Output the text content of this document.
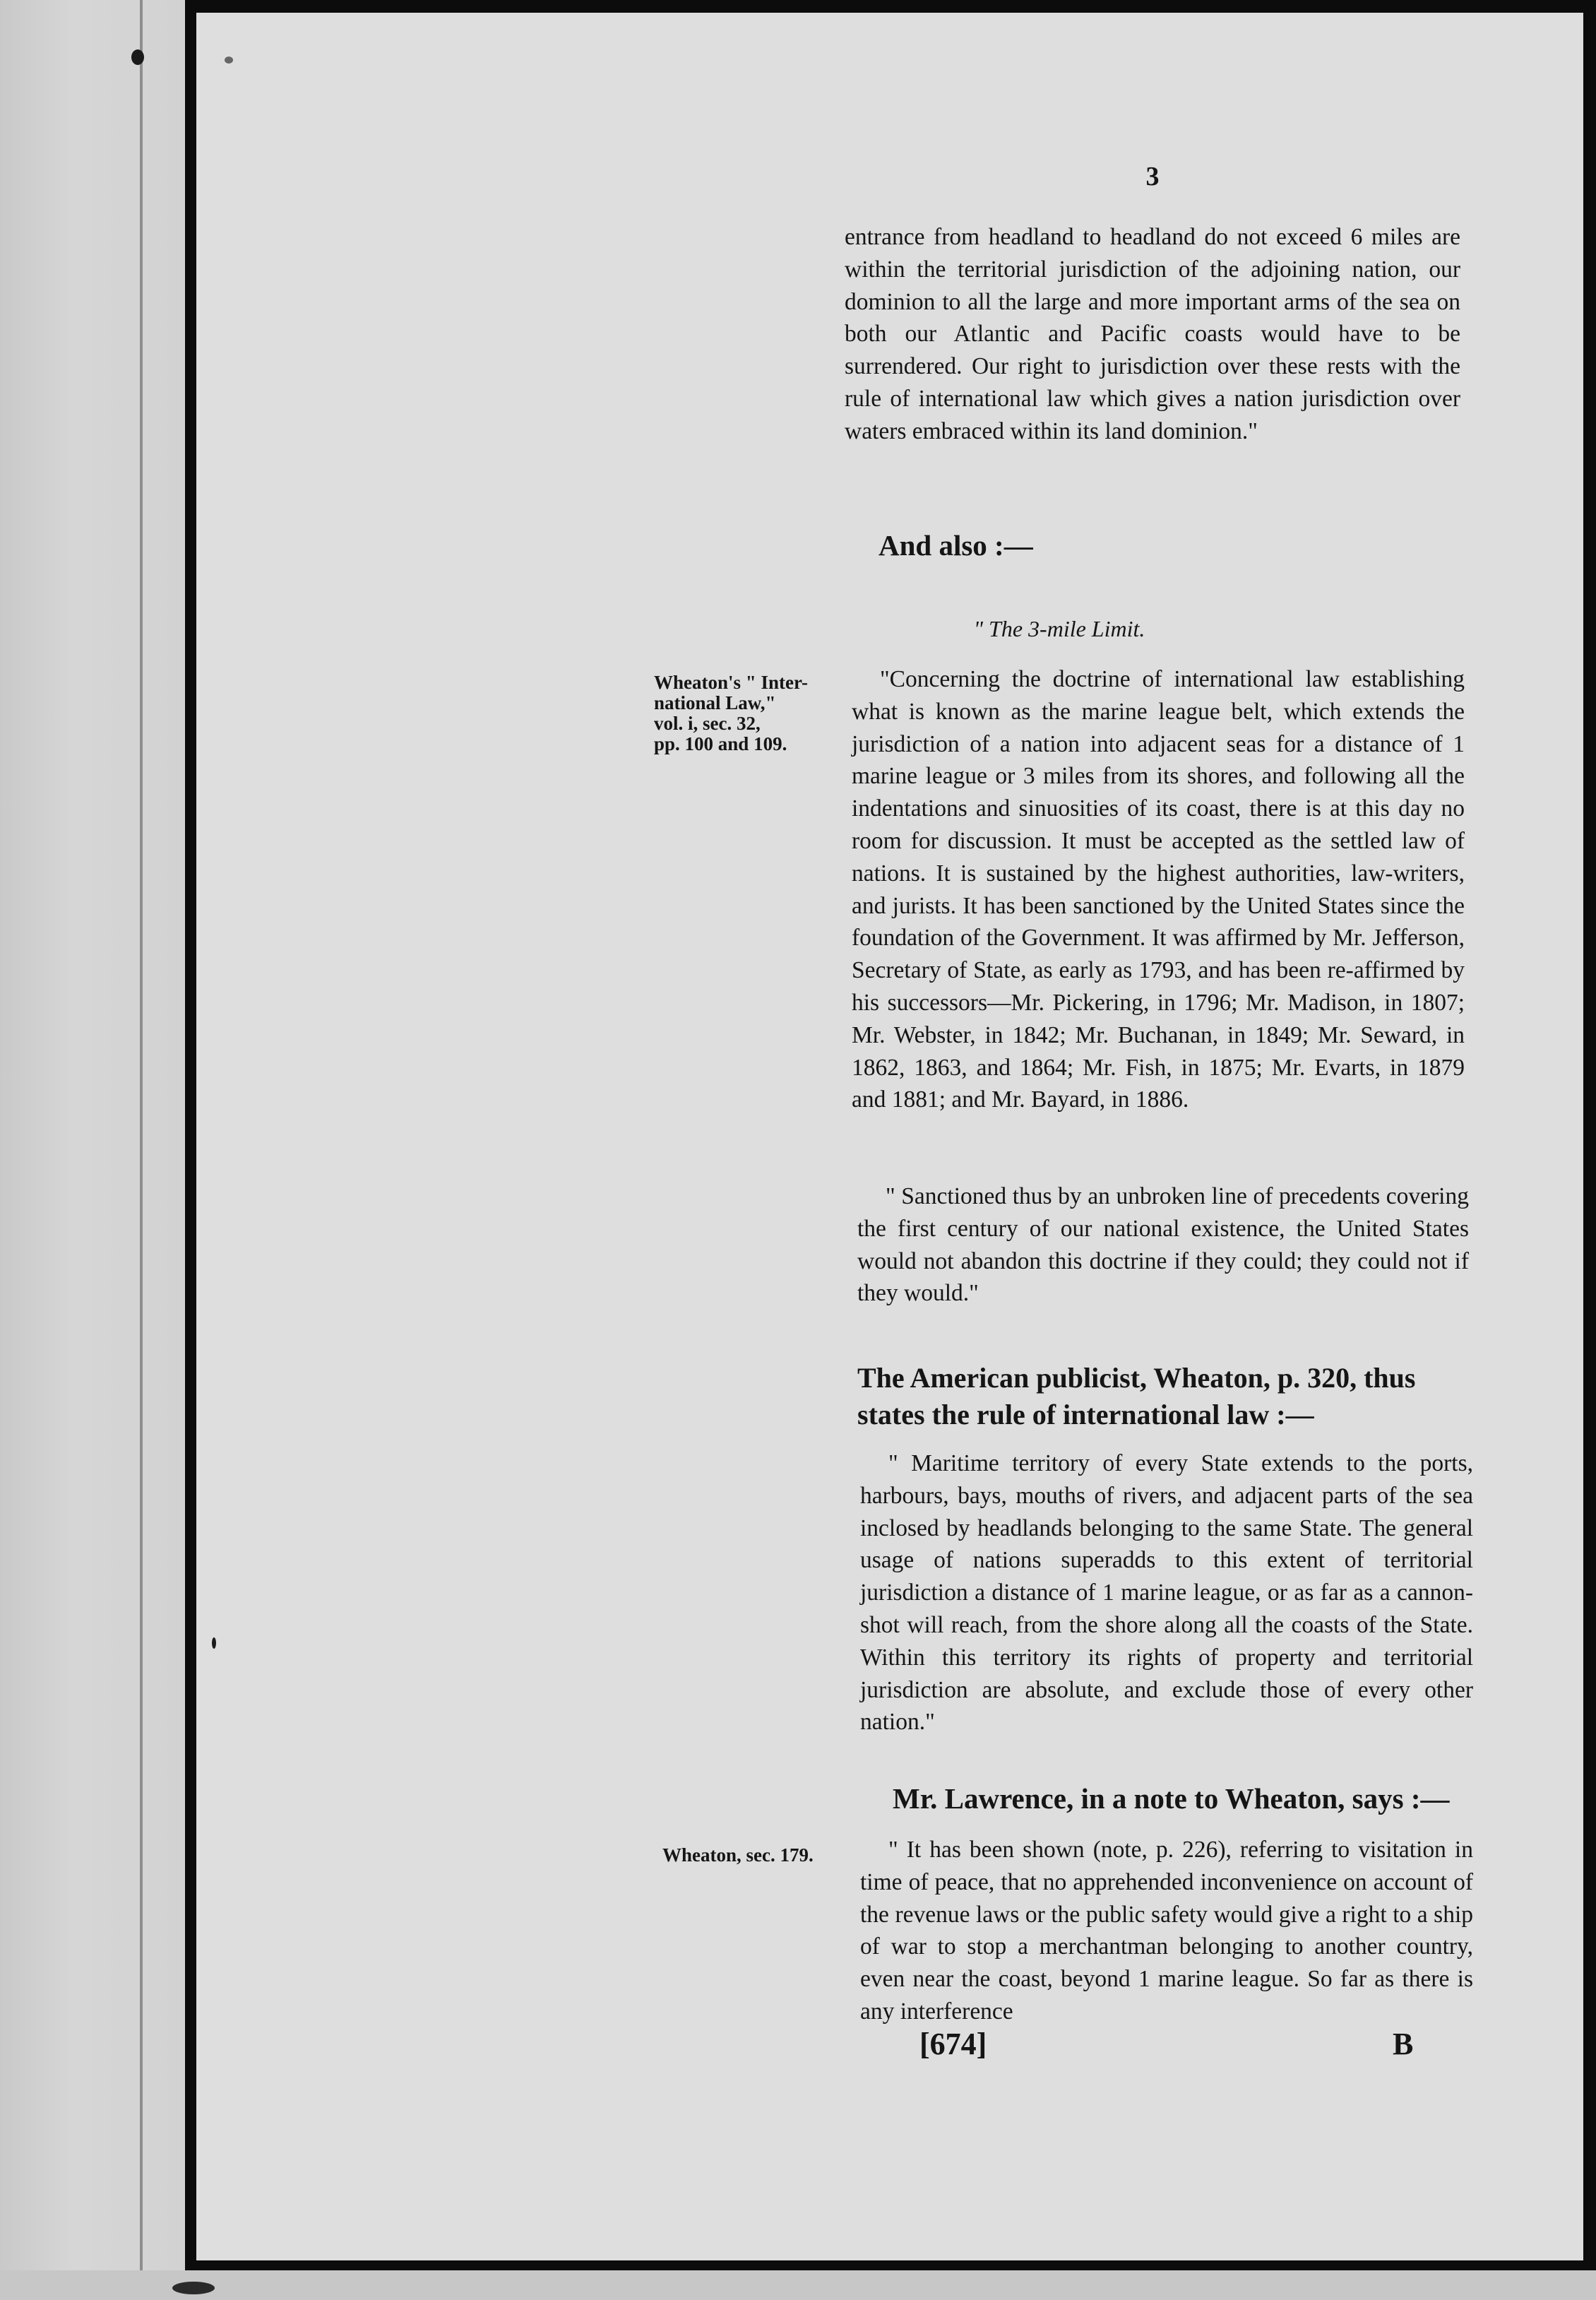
3

entrance from headland to headland do not exceed 6 miles are within the territorial jurisdiction of the adjoining nation, our dominion to all the large and more important arms of the sea on both our Atlantic and Pacific coasts would have to be surrendered. Our right to jurisdiction over these rests with the rule of international law which gives a nation jurisdiction over waters embraced within its land dominion."

And also :—
" The 3-mile Limit.

Wheaton's " Inter-
national Law,"
vol. i, sec. 32,
pp. 100 and 109.

"Concerning the doctrine of international law establishing what is known as the marine league belt, which extends the jurisdiction of a nation into adjacent seas for a distance of 1 marine league or 3 miles from its shores, and following all the indentations and sinuosities of its coast, there is at this day no room for discussion. It must be accepted as the settled law of nations. It is sustained by the highest authorities, law-writers, and jurists. It has been sanctioned by the United States since the foundation of the Government. It was affirmed by Mr. Jefferson, Secretary of State, as early as 1793, and has been re-affirmed by his successors—Mr. Pickering, in 1796; Mr. Madison, in 1807; Mr. Webster, in 1842; Mr. Buchanan, in 1849; Mr. Seward, in 1862, 1863, and 1864; Mr. Fish, in 1875; Mr. Evarts, in 1879 and 1881; and Mr. Bayard, in 1886.

" Sanctioned thus by an unbroken line of precedents covering the first century of our national existence, the United States would not abandon this doctrine if they could; they could not if they would."

The American publicist, Wheaton, p. 320, thus states the rule of international law :—

" Maritime territory of every State extends to the ports, harbours, bays, mouths of rivers, and adjacent parts of the sea inclosed by headlands belonging to the same State. The general usage of nations superadds to this extent of territorial jurisdiction a distance of 1 marine league, or as far as a cannon-shot will reach, from the shore along all the coasts of the State. Within this territory its rights of property and territorial jurisdiction are absolute, and exclude those of every other nation."

Mr. Lawrence, in a note to Wheaton, says :—

Wheaton, sec. 179.	" It has been shown (note, p. 226), referring to visitation in time of peace, that no apprehended inconvenience on account of the revenue laws or the public safety would give a right to a ship of war to stop a merchantman belonging to another country, even near the coast, beyond 1 marine league. So far as there is any interference

[674]	B
